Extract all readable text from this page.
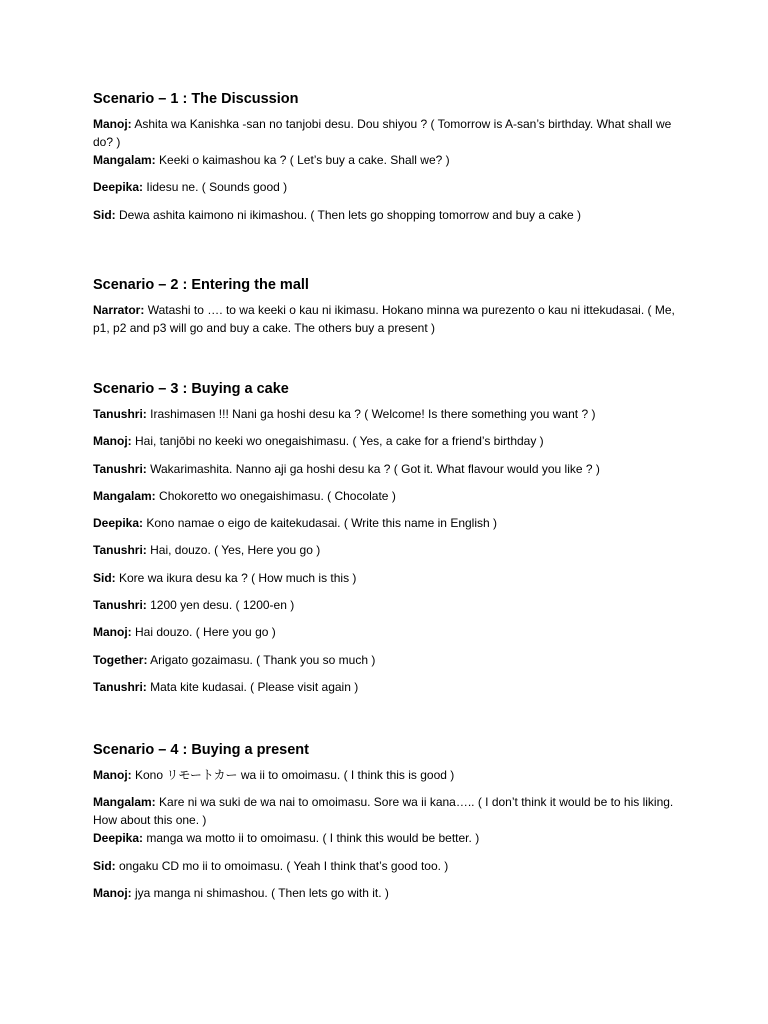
Scenario – 1 : The Discussion

Manoj: Ashita wa Kanishka -san no tanjobi desu. Dou shiyou ? ( Tomorrow is A-san’s birthday. What shall we do? )

Mangalam: Keeki o kaimashou ka ? ( Let’s buy a cake. Shall we? )

Deepika: Iidesu ne. ( Sounds good )

Sid: Dewa ashita kaimono ni ikimashou. ( Then lets go shopping tomorrow and buy a cake )

Scenario – 2 : Entering the mall

Narrator: Watashi to …. to wa keeki o kau ni ikimasu. Hokano minna wa purezento o kau ni ittekudasai. ( Me, p1, p2 and p3 will go and buy a cake. The others buy a present )

Scenario – 3 : Buying a cake

Tanushri: Irashimasen !!! Nani ga hoshi desu ka ? ( Welcome! Is there something you want ? )

Manoj: Hai, tanjōbi no keeki wo onegaishimasu. ( Yes, a cake for a friend’s birthday )

Tanushri: Wakarimashita. Nanno aji ga hoshi desu ka ? ( Got it. What flavour would you like ? )

Mangalam: Chokoretto wo onegaishimasu. ( Chocolate )

Deepika: Kono namae o eigo de kaitekudasai. ( Write this name in English )

Tanushri: Hai, douzo. ( Yes, Here you go )

Sid: Kore wa ikura desu ka ? ( How much is this )

Tanushri: 1200 yen desu. ( 1200-en )

Manoj: Hai douzo. ( Here you go )

Together: Arigato gozaimasu. ( Thank you so much )

Tanushri: Mata kite kudasai. ( Please visit again )

Scenario – 4 : Buying a present

Manoj: Kono リモートカー wa ii to omoimasu. ( I think this is good )

Mangalam: Kare ni wa suki de wa nai to omoimasu. Sore wa ii kana….. ( I don’t think it would be to his liking. How about this one. )

Deepika: manga wa motto ii to omoimasu. ( I think this would be better. )

Sid: ongaku CD mo ii to omoimasu. ( Yeah I think that’s good too. )

Manoj: jya manga ni shimashou. ( Then lets go with it. )
